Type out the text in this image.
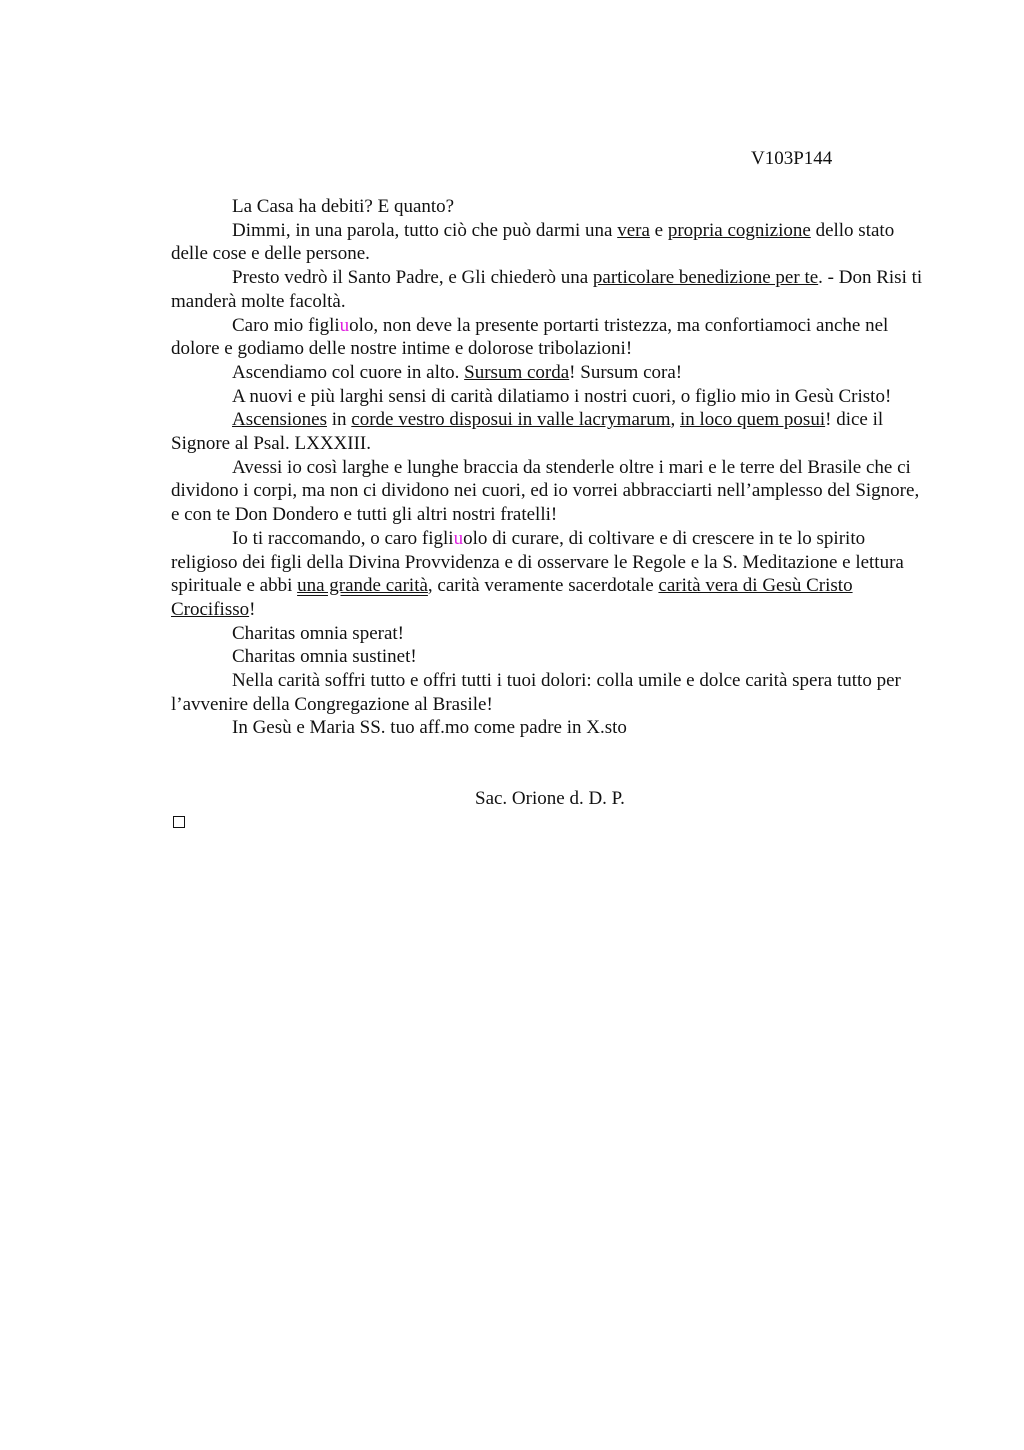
V103P144

La Casa ha debiti? E quanto?

Dimmi, in una parola, tutto ciò che può darmi una vera e propria cognizione dello stato delle cose e delle persone.

Presto vedrò il Santo Padre, e Gli chiederò una particolare benedizione per te. - Don Risi ti manderà molte facoltà.

Caro mio figliuolo, non deve la presente portarti tristezza, ma confortiamoci anche nel dolore e godiamo delle nostre intime e dolorose tribolazioni!

Ascendiamo col cuore in alto. Sursum corda! Sursum cora!

A nuovi e più larghi sensi di carità dilatiamo i nostri cuori, o figlio mio in Gesù Cristo!

Ascensiones in corde vestro disposui in valle lacrymarum, in loco quem posui! dice il Signore al Psal. LXXXIII.

Avessi io così larghe e lunghe braccia da stenderle oltre i mari e le terre del Brasile che ci dividono i corpi, ma non ci dividono nei cuori, ed io vorrei abbracciarti nell’amplesso del Signore, e con te Don Dondero e tutti gli altri nostri fratelli!

Io ti raccomando, o caro figliuolo di curare, di coltivare e di crescere in te lo spirito religioso dei figli della Divina Provvidenza e di osservare le Regole e la S. Meditazione e lettura spirituale e abbi una grande carità, carità veramente sacerdotale carità vera di Gesù Cristo Crocifisso!

Charitas omnia sperat!

Charitas omnia sustinet!

Nella carità soffri tutto e offri tutti i tuoi dolori: colla umile e dolce carità spera tutto per l’avvenire della Congregazione al Brasile!

In Gesù e Maria SS. tuo aff.mo come padre in X.sto

Sac. Orione d. D. P.
